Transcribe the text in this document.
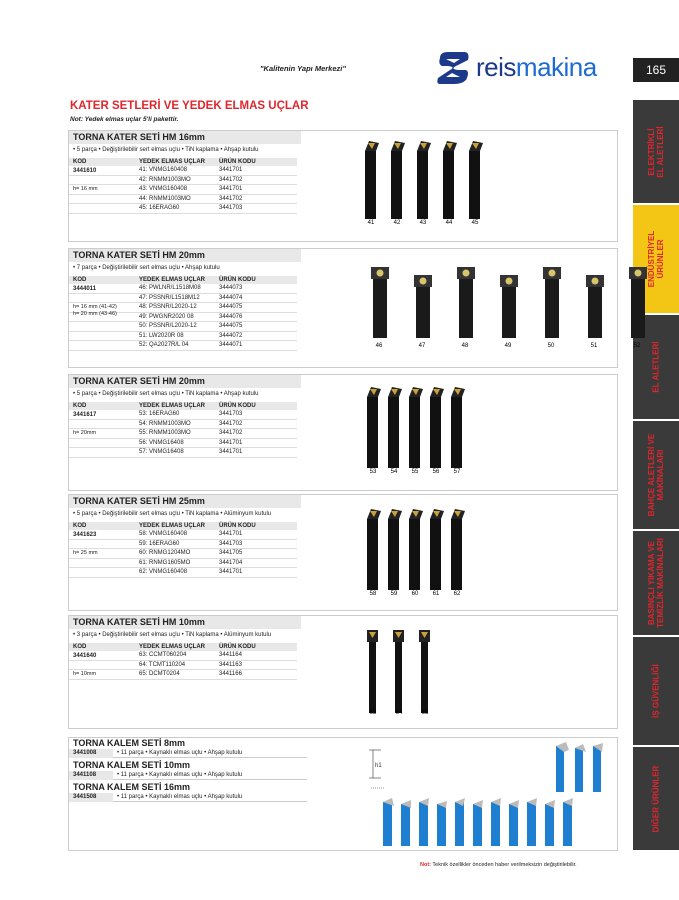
"Kalitenin Yapı Merkezi"	reismakina	165
ELEKTRİKLİ
EL ALETLERİ
ENDÜSTRİYEL
ÜRÜNLER
EL ALETLERİ
BAHÇE ALETLERİ VE
MAKİNALARI
BASINÇLI YIKAMA VE
TEMİZLİK MAKİNALARI
İŞ GÜVENLİĞİ
DİĞER ÜRÜNLER
KATER SETLERİ VE YEDEK ELMAS UÇLAR
Not: Yedek elmas uçlar 5'li pakettir.
TORNA KATER SETİ HM 16mm
• 5 parça • Değiştirilebilir sert elmas uçlu • TiN kaplama • Ahşap kutulu
KOD	YEDEK ELMAS UÇLAR	ÜRÜN KODU
41: VNMG160408	3441701
42: RNMM1003MO	3441702
43: VNMG160408	3441701
44: RNMM1003MO	3441702
45: 16ERAG60	3441703
3441610
h= 16 mm
41	42	43	44	45
TORNA KATER SETİ HM 20mm
• 7 parça • Değiştirilebilir sert elmas uçlu • Ahşap kutulu
KOD	YEDEK ELMAS UÇLAR	ÜRÜN KODU
46: PWLNR/L1518M08	3444073
47: PSSNR/L1518M12	3444074
48: PSSNR/L2020-12	3444075
49: PWGNR2020 08	3444076
50: PSSNR/L2020-12	3444075
51: LW2020R 08	3444072
52: QA2027R/L 04	3444071
3444011
h= 16 mm (41-42)
h= 20 mm (43-46)
46	47	48	49	50	51	52
TORNA KATER SETİ HM 20mm
• 5 parça • Değiştirilebilir sert elmas uçlu • TiN kaplama • Ahşap kutulu
KOD	YEDEK ELMAS UÇLAR	ÜRÜN KODU
53: 16ERAG60	3441703
54: RNMM1003MO	3441702
55: RNMM1003MO	3441702
56: VNMG16408	3441701
57: VNMG16408	3441701
3441617
h= 20mm
53 54 55 56 57
TORNA KATER SETİ HM 25mm
• 5 parça • Değiştirilebilir sert elmas uçlu • TiN kaplama • Alüminyum kutulu
KOD	YEDEK ELMAS UÇLAR	ÜRÜN KODU
58: VNMG160408	3441701
59: 16ERAG60	3441703
60: RNMG1204MO	3441705
61: RNMG1605MO	3441704
62: VNMG160408	3441701
3441623
h= 25 mm
58 59 60 61 62
TORNA KATER SETİ HM 10mm
• 3 parça • Değiştirilebilir sert elmas uçlu • TiN kaplama • Alüminyum kutulu
KOD	YEDEK ELMAS UÇLAR	ÜRÜN KODU
63: CCMT060204	3441164
64: TCMT110204	3441163
65: DCMT0204	3441166
3441640
h= 10mm
63	64	65
TORNA KALEM SETİ 8mm
3441008	• 11 parça • Kaynaklı elmas uçlu • Ahşap kutulu
TORNA KALEM SETİ 10mm
3441108	• 11 parça • Kaynaklı elmas uçlu • Ahşap kutulu
TORNA KALEM SETİ 16mm
3441508	• 11 parça • Kaynaklı elmas uçlu • Ahşap kutulu
h1
Not: Teknik özellikler önceden haber verilmeksizin değiştirilebilir.
